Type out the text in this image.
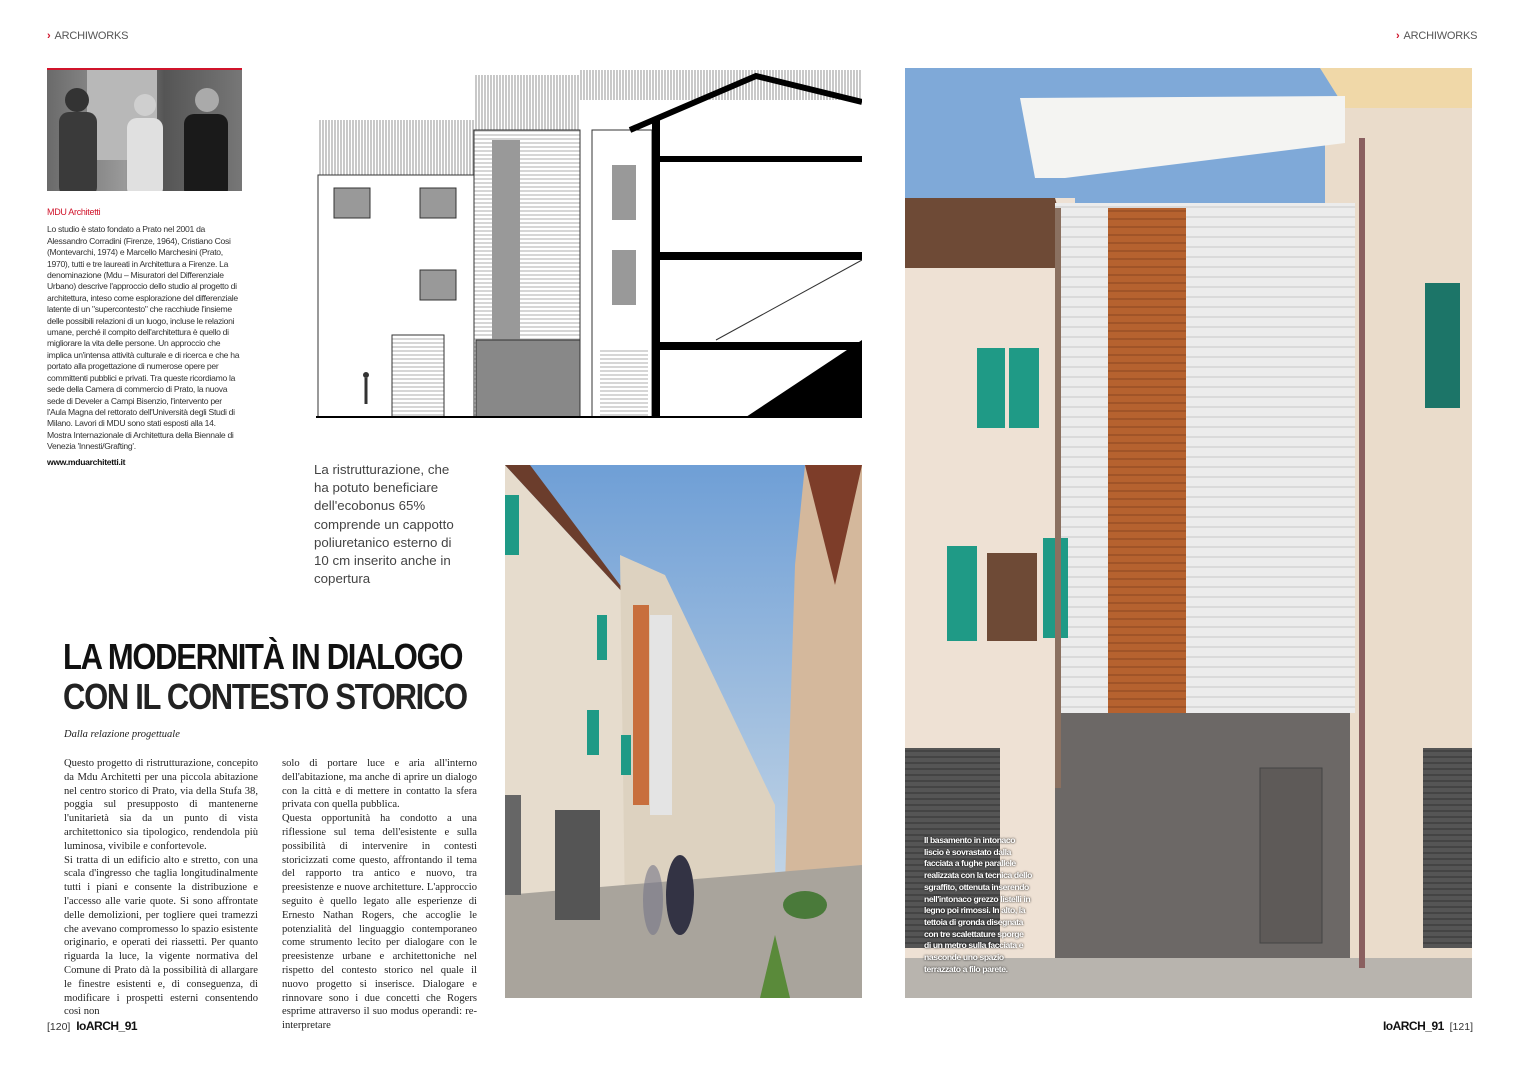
› ARCHIWORKS	› ARCHIWORKS
MDU Architetti

Lo studio è stato fondato a Prato nel 2001 da Alessandro Corradini (Firenze, 1964), Cristiano Cosi (Montevarchi, 1974) e Marcello Marchesini (Prato, 1970), tutti e tre laureati in Architettura a Firenze. La denominazione (Mdu – Misuratori del Differenziale Urbano) descrive l'approccio dello studio al progetto di architettura, inteso come esplorazione del differenziale latente di un "supercontesto" che racchiude l'insieme delle possibili relazioni di un luogo, incluse le relazioni umane, perché il compito dell'architettura è quello di migliorare la vita delle persone. Un approccio che implica un'intensa attività culturale e di ricerca e che ha portato alla progettazione di numerose opere per committenti pubblici e privati. Tra queste ricordiamo la sede della Camera di commercio di Prato, la nuova sede di Develer a Campi Bisenzio, l'intervento per l'Aula Magna del rettorato dell'Università degli Studi di Milano. Lavori di MDU sono stati esposti alla 14. Mostra Internazionale di Architettura della Biennale di Venezia 'Innesti/Grafting'.

www.mduarchitetti.it

La ristrutturazione, che ha potuto beneficiare dell'ecobonus 65% comprende un cappotto poliuretanico esterno di 10 cm inserito anche in copertura

LA MODERNITÀ IN DIALOGO
CON IL CONTESTO STORICO

Dalla relazione progettuale

Questo progetto di ristrutturazione, concepito da Mdu Architetti per una piccola abitazione nel centro storico di Prato, via della Stufa 38, poggia sul presupposto di mantenerne l'unitarietà sia da un punto di vista architettonico sia tipologico, rendendola più luminosa, vivibile e confortevole.

Si tratta di un edificio alto e stretto, con una scala d'ingresso che taglia longitudinalmente tutti i piani e consente la distribuzione e l'accesso alle varie quote. Si sono affrontate delle demolizioni, per togliere quei tramezzi che avevano compromesso lo spazio esistente originario, e operati dei riassetti. Per quanto riguarda la luce, la vigente normativa del Comune di Prato dà la possibilità di allargare le finestre esistenti e, di conseguenza, di modificare i prospetti esterni consentendo così non

solo di portare luce e aria all'interno dell'abitazione, ma anche di aprire un dialogo con la città e di mettere in contatto la sfera privata con quella pubblica.

Questa opportunità ha condotto a una riflessione sul tema dell'esistente e sulla possibilità di intervenire in contesti storicizzati come questo, affrontando il tema del rapporto tra antico e nuovo, tra preesistenze e nuove architetture. L'approccio seguito è quello legato alle esperienze di Ernesto Nathan Rogers, che accoglie le potenzialità del linguaggio contemporaneo come strumento lecito per dialogare con le preesistenze urbane e architettoniche nel rispetto del contesto storico nel quale il nuovo progetto si inserisce. Dialogare e rinnovare sono i due concetti che Rogers esprime attraverso il suo modus operandi: re-interpretare

Il basamento in intonaco liscio è sovrastato dalla facciata a fughe parallele realizzata con la tecnica dello sgraffito, ottenuta inserendo nell'intonaco grezzo listelli in legno poi rimossi. In alto, la tettoia di gronda disegnata con tre scalettature sporge di un metro sulla facciata e nasconde uno spazio terrazzato a filo parete.

[120] IoARCH_91	IoARCH_91 [121]
